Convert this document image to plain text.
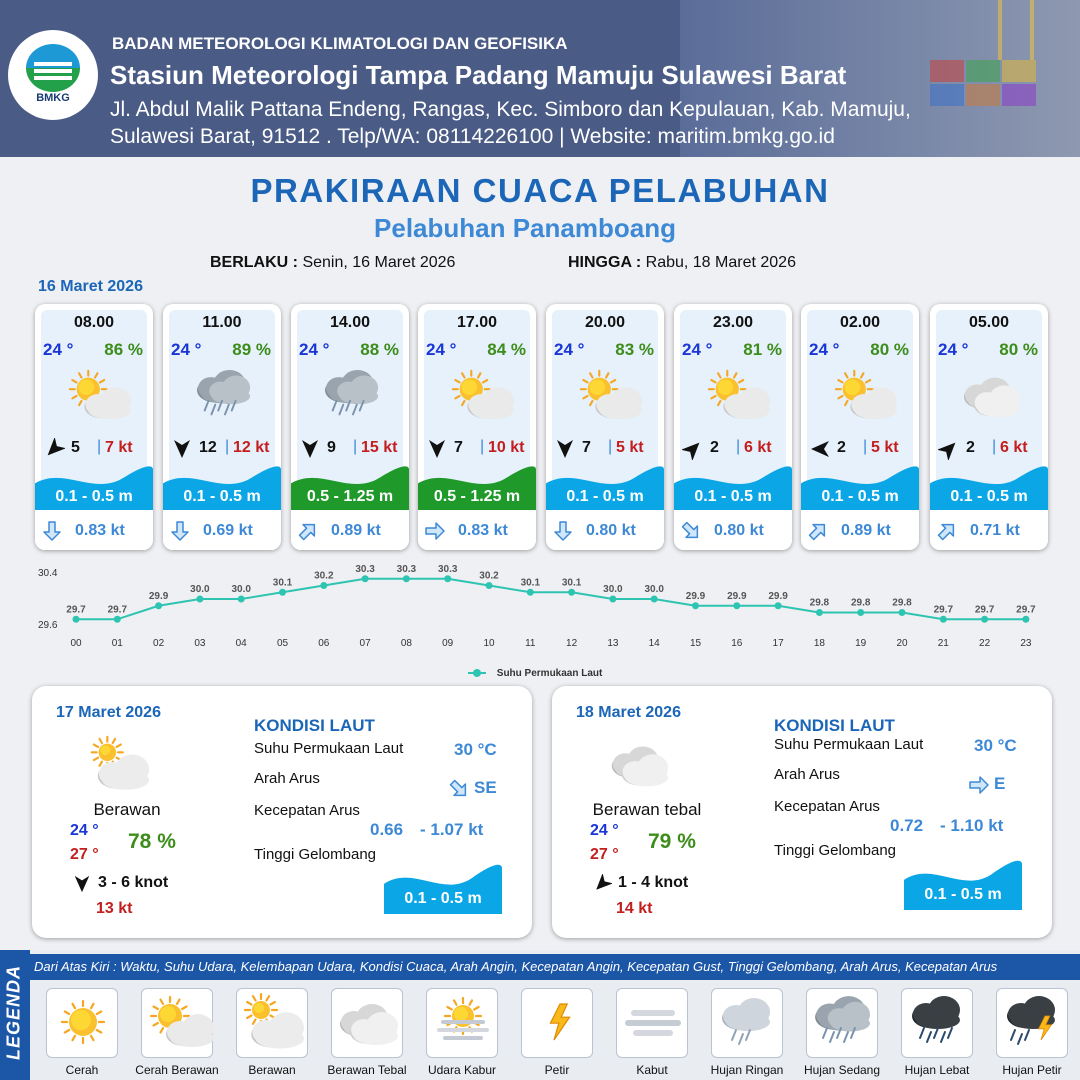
BMKG
BADAN METEOROLOGI KLIMATOLOGI DAN GEOFISIKA
Stasiun Meteorologi Tampa Padang Mamuju Sulawesi Barat
Jl. Abdul Malik Pattana Endeng, Rangas, Kec. Simboro dan Kepulauan, Kab. Mamuju,
Sulawesi Barat, 91512 . Telp/WA: 08114226100 | Website: maritim.bmkg.go.id
PRAKIRAAN CUACA PELABUHAN
Pelabuhan Panamboang
BERLAKU : Senin, 16 Maret 2026	HINGGA : Rabu, 18 Maret 2026
16 Maret 2026
08.00
24 ° 86 %
5 | 7 kt
0.1 - 0.5 m
0.83 kt
11.00
24 ° 89 %
12 | 12 kt
0.1 - 0.5 m
0.69 kt
14.00
24 ° 88 %
9 | 15 kt
0.5 - 1.25 m
0.89 kt
17.00
24 ° 84 %
7 | 10 kt
0.5 - 1.25 m
0.83 kt
20.00
24 ° 83 %
7 | 5 kt
0.1 - 0.5 m
0.80 kt
23.00
24 ° 81 %
2 | 6 kt
0.1 - 0.5 m
0.80 kt
02.00
24 ° 80 %
2 | 5 kt
0.1 - 0.5 m
0.89 kt
05.00
24 ° 80 %
2 | 6 kt
0.1 - 0.5 m
0.71 kt
30.4
29.6
29.7
00
29.7
01
29.9
02
30.0
03
30.0
04
30.1
05
30.2
06
30.3
07
30.3
08
30.3
09
30.2
10
30.1
11
30.1
12
30.0
13
30.0
14
29.9
15
29.9
16
29.9
17
29.8
18
29.8
19
29.8
20
29.7
21
29.7
22
29.7
23
Suhu Permukaan Laut
17 Maret 2026
Berawan
24 °
27 °
78 %
3 - 6 knot
13 kt
KONDISI LAUT
Suhu Permukaan Laut	30 °C
Arah Arus	SE
Kecepatan Arus
0.66 - 1.07 kt
Tinggi Gelombang
0.1 - 0.5 m
18 Maret 2026
Berawan tebal
24 °
27 °
79 %
1 - 4 knot
14 kt
KONDISI LAUT
Suhu Permukaan Laut	30 °C
Arah Arus	E
Kecepatan Arus
0.72 - 1.10 kt
Tinggi Gelombang
0.1 - 0.5 m
LEGENDA Dari Atas Kiri : Waktu, Suhu Udara, Kelembapan Udara, Kondisi Cuaca, Arah Angin, Kecepatan Angin, Kecepatan Gust, Tinggi Gelombang, Arah Arus, Kecepatan Arus
Cerah	Cerah Berawan	Berawan	Berawan Tebal	Udara Kabur	Petir	Kabut	Hujan Ringan	Hujan Sedang	Hujan Lebat	Hujan Petir
